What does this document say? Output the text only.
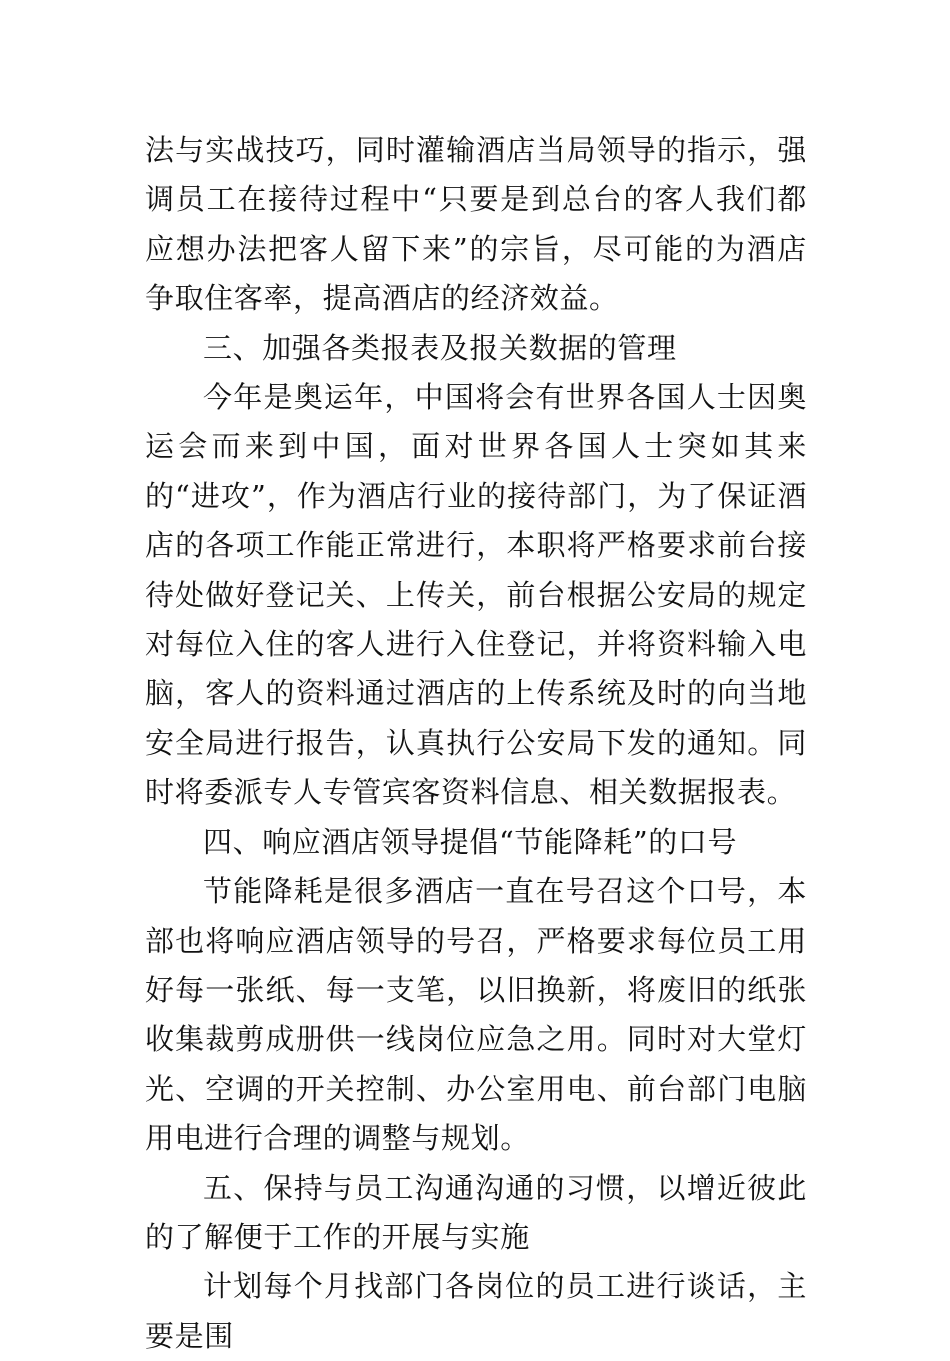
法与实战技巧，同时灌输酒店当局领导的指示，强调员工在接待过程中“只要是到总台的客人我们都应想办法把客人留下来”的宗旨，尽可能的为酒店争取住客率，提高酒店的经济效益。

三、加强各类报表及报关数据的管理

今年是奥运年，中国将会有世界各国人士因奥运会而来到中国，面对世界各国人士突如其来的“进攻”，作为酒店行业的接待部门，为了保证酒店的各项工作能正常进行，本职将严格要求前台接待处做好登记关、上传关，前台根据公安局的规定对每位入住的客人进行入住登记，并将资料输入电脑，客人的资料通过酒店的上传系统及时的向当地安全局进行报告，认真执行公安局下发的通知。同时将委派专人专管宾客资料信息、相关数据报表。

四、响应酒店领导提倡“节能降耗”的口号

节能降耗是很多酒店一直在号召这个口号，本部也将响应酒店领导的号召，严格要求每位员工用好每一张纸、每一支笔，以旧换新，将废旧的纸张收集裁剪成册供一线岗位应急之用。同时对大堂灯光、空调的开关控制、办公室用电、前台部门电脑用电进行合理的调整与规划。

五、保持与员工沟通沟通的习惯，以增近彼此的了解便于工作的开展与实施

计划每个月找部门各岗位的员工进行谈话，主要是围
